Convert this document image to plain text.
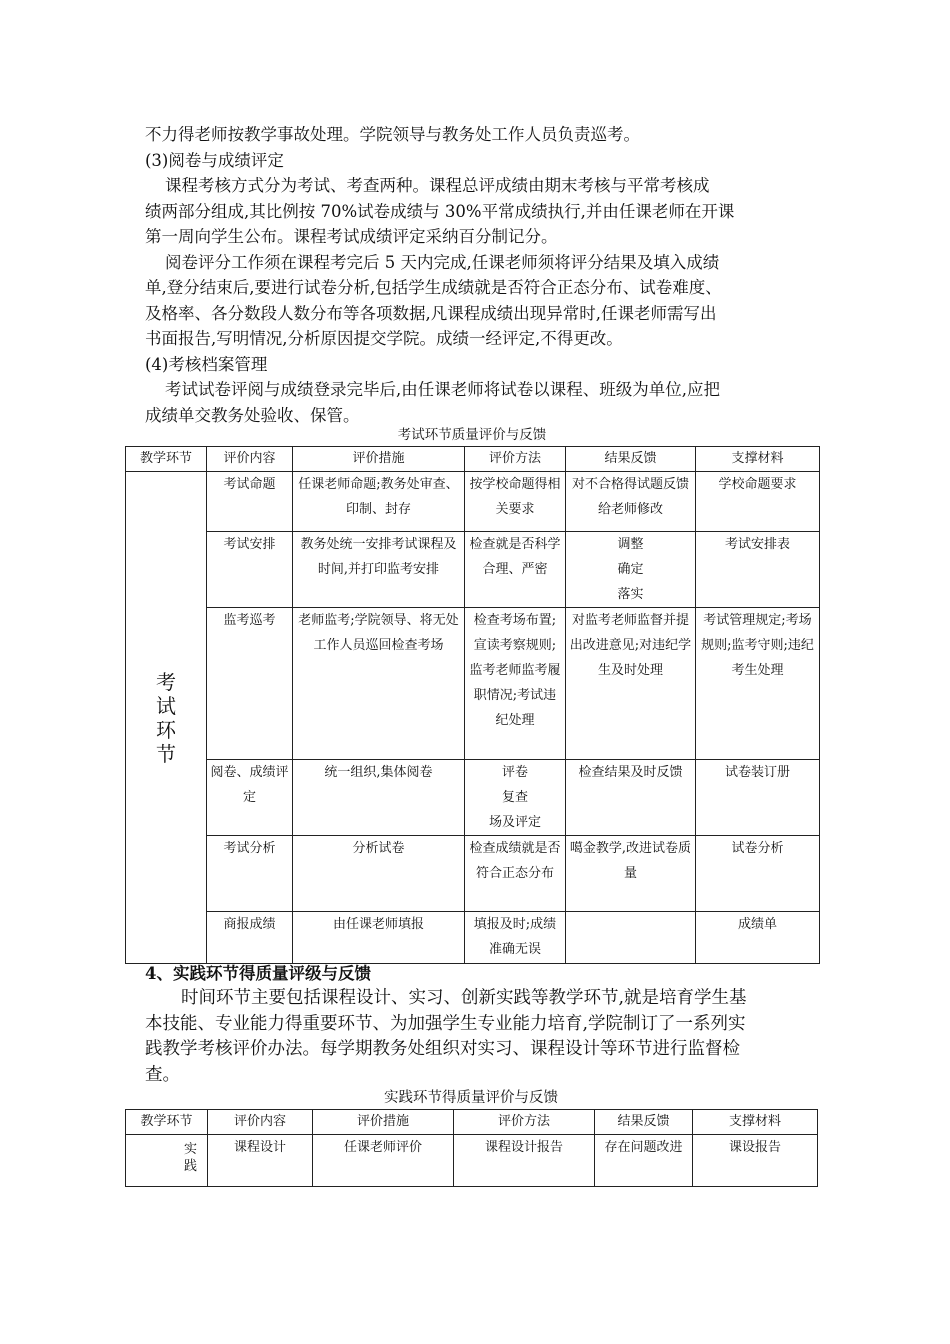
不力得老师按教学事故处理。学院领导与教务处工作人员负责巡考。

(3)阅卷与成绩评定

课程考核方式分为考试、考查两种。课程总评成绩由期末考核与平常考核成

绩两部分组成,其比例按 70%试卷成绩与 30%平常成绩执行,并由任课老师在开课

第一周向学生公布。课程考试成绩评定采纳百分制记分。

阅卷评分工作须在课程考完后 5 天内完成,任课老师须将评分结果及填入成绩

单,登分结束后,要进行试卷分析,包括学生成绩就是否符合正态分布、试卷难度、

及格率、各分数段人数分布等各项数据,凡课程成绩出现异常时,任课老师需写出

书面报告,写明情况,分析原因提交学院。成绩一经评定,不得更改。

(4)考核档案管理

考试试卷评阅与成绩登录完毕后,由任课老师将试卷以课程、班级为单位,应把

成绩单交教务处验收、保管。

考试环节质量评价与反馈
教学环节	评价内容	评价措施	评价方法	结果反馈	支撑材料

考
试
环
节	考试命题	任课老师命题;教务处审查、印制、封存	按学校命题得相关要求	对不合格得试题反馈给老师修改	学校命题要求
	考试安排	教务处统一安排考试课程及时间,并打印监考安排	检查就是否科学合理、严密	调整
确定
落实	考试安排表
	监考巡考	老师监考;学院领导、将无处工作人员巡回检查考场	检查考场布置;宣读考察规则;监考老师监考履职情况;考试违纪处理	对监考老师监督并提出改进意见;对违纪学生及时处理	考试管理规定;考场规则;监考守则;违纪考生处理
	阅卷、成绩评定	统一组织,集体阅卷	评卷
复查
场及评定	检查结果及时反馈	试卷装订册
	考试分析	分析试卷	检查成绩就是否符合正态分布	噶金教学,改进试卷质量	试卷分析
	商报成绩	由任课老师填报	填报及时;成绩准确无误		成绩单

4、实践环节得质量评级与反馈

时间环节主要包括课程设计、实习、创新实践等教学环节,就是培育学生基

本技能、专业能力得重要环节、为加强学生专业能力培育,学院制订了一系列实

践教学考核评价办法。每学期教务处组织对实习、课程设计等环节进行监督检

查。

实践环节得质量评价与反馈
教学环节	评价内容	评价措施	评价方法	结果反馈	支撑材料

实
践	课程设计	任课老师评价	课程设计报告	存在问题改进	课设报告
